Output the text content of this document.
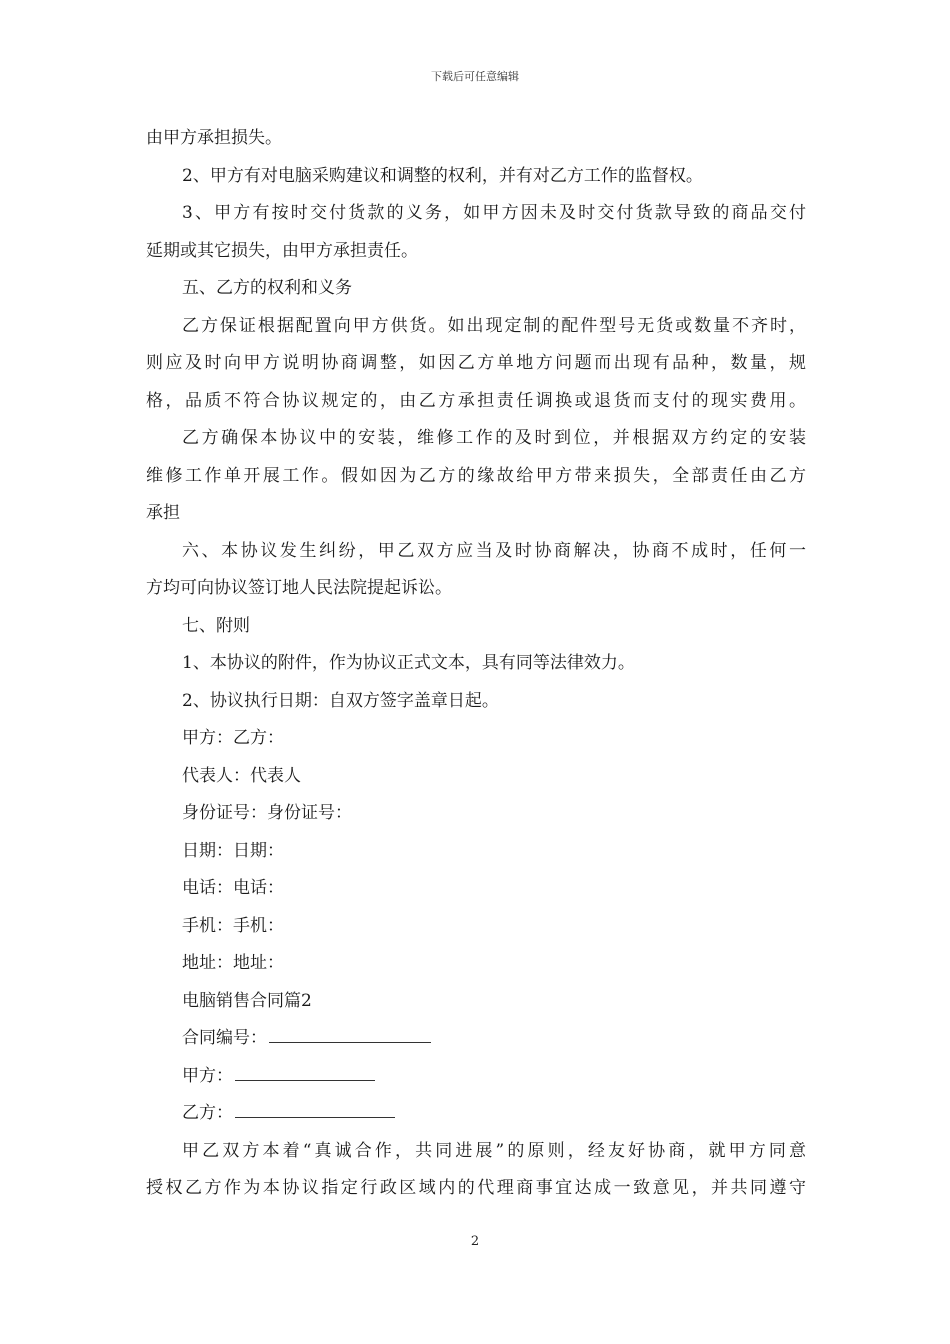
下载后可任意编辑
由甲方承担损失。
2、甲方有对电脑采购建议和调整的权利，并有对乙方工作的监督权。
3、甲方有按时交付货款的义务，如甲方因未及时交付货款导致的商品交付
延期或其它损失，由甲方承担责任。
五、乙方的权利和义务
乙方保证根据配置向甲方供货。如出现定制的配件型号无货或数量不齐时，
则应及时向甲方说明协商调整，如因乙方单地方问题而出现有品种，数量，规
格，品质不符合协议规定的，由乙方承担责任调换或退货而支付的现实费用。
乙方确保本协议中的安装，维修工作的及时到位，并根据双方约定的安装
维修工作单开展工作。假如因为乙方的缘故给甲方带来损失，全部责任由乙方
承担
六、本协议发生纠纷，甲乙双方应当及时协商解决，协商不成时，任何一
方均可向协议签订地人民法院提起诉讼。
七、附则
1、本协议的附件，作为协议正式文本，具有同等法律效力。
2、协议执行日期：自双方签字盖章日起。
甲方：乙方：
代表人：代表人
身份证号：身份证号：
日期：日期：
电话：电话：
手机：手机：
地址：地址：
电脑销售合同篇2
合同编号：
甲方：
乙方：
甲乙双方本着“真诚合作，共同进展”的原则，经友好协商，就甲方同意
授权乙方作为本协议指定行政区域内的代理商事宜达成一致意见，并共同遵守
2
